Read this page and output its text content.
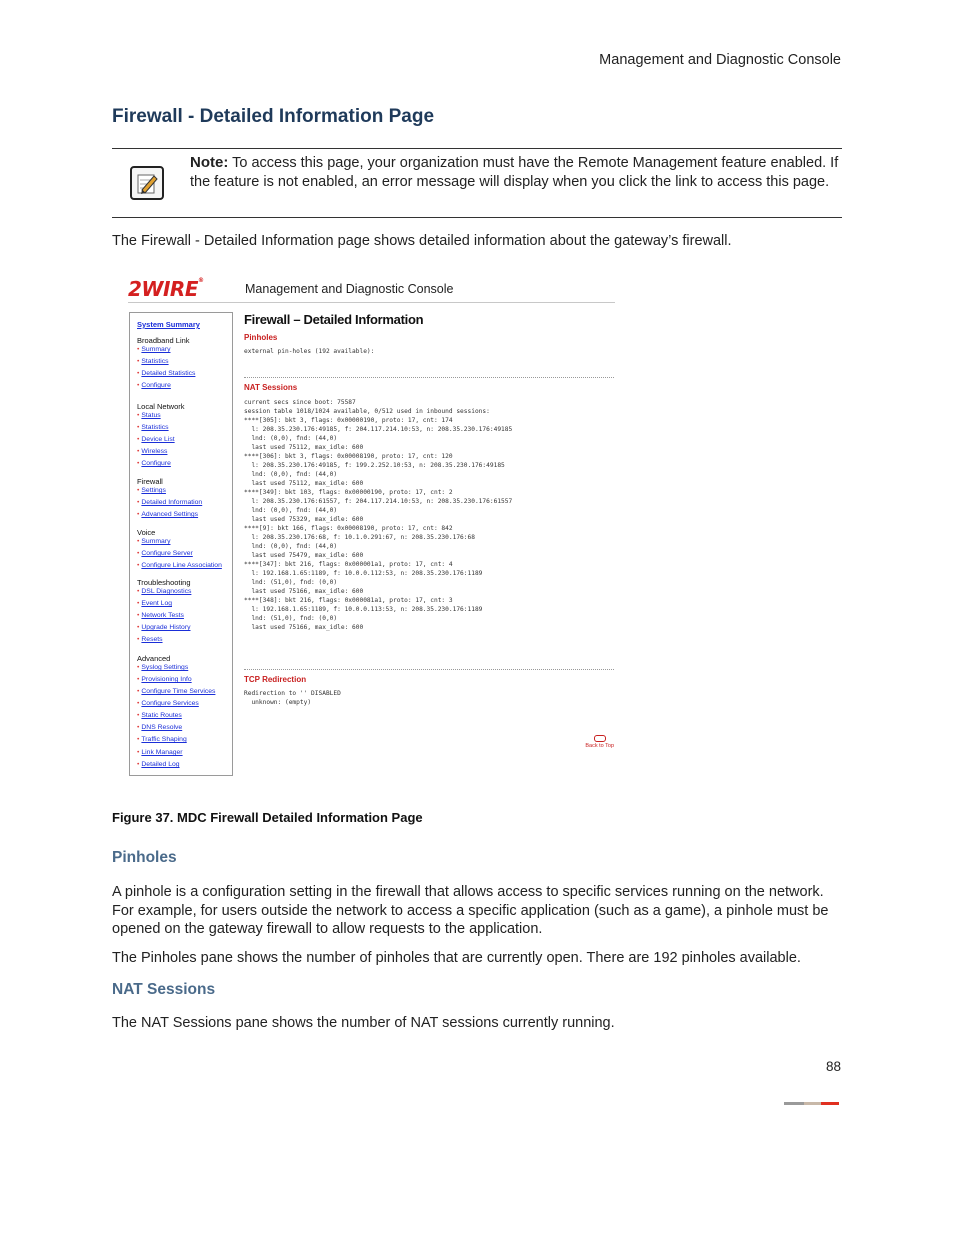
Management and Diagnostic Console
Firewall - Detailed Information Page
Note: To access this page, your organization must have the Remote Management feature enabled. If the feature is not enabled, an error message will display when you click the link to access this page.
The Firewall - Detailed Information page shows detailed information about the gateway’s firewall.
2WIRE®
Management and Diagnostic Console
System Summary
Broadband Link
• Summary
• Statistics
• Detailed Statistics
• Configure
Local Network
• Status
• Statistics
• Device List
• Wireless
• Configure
Firewall
• Settings
• Detailed Information
• Advanced Settings
Voice
• Summary
• Configure Server
• Configure Line Association
Troubleshooting
• DSL Diagnostics
• Event Log
• Network Tests
• Upgrade History
• Resets
Advanced
• Syslog Settings
• Provisioning Info
• Configure Time Services
• Configure Services
• Static Routes
• DNS Resolve
• Traffic Shaping
• Link Manager
• Detailed Log
Firewall – Detailed Information
Pinholes
external pin-holes (192 available):
NAT Sessions
current secs since boot: 75587
session table 1018/1024 available, 0/512 used in inbound sessions:
****[305]: bkt 3, flags: 0x00000190, proto: 17, cnt: 174
l: 208.35.230.176:49185, f: 204.117.214.10:53, n: 208.35.230.176:49185
lnd: (0,0), fnd: (44,0)
last used 75112, max_idle: 600
****[306]: bkt 3, flags: 0x00008190, proto: 17, cnt: 120
l: 208.35.230.176:49185, f: 199.2.252.10:53, n: 208.35.230.176:49185
lnd: (0,0), fnd: (44,0)
last used 75112, max_idle: 600
****[349]: bkt 103, flags: 0x00000190, proto: 17, cnt: 2
l: 208.35.230.176:61557, f: 204.117.214.10:53, n: 208.35.230.176:61557
lnd: (0,0), fnd: (44,0)
last used 75329, max_idle: 600
****[9]: bkt 166, flags: 0x00008190, proto: 17, cnt: 842
l: 208.35.230.176:68, f: 10.1.0.291:67, n: 208.35.230.176:68
lnd: (0,0), fnd: (44,0)
last used 75479, max_idle: 600
****[347]: bkt 216, flags: 0x000001a1, proto: 17, cnt: 4
l: 192.168.1.65:1189, f: 10.0.0.112:53, n: 208.35.230.176:1189
lnd: (51,0), fnd: (0,0)
last used 75166, max_idle: 600
****[348]: bkt 216, flags: 0x000081a1, proto: 17, cnt: 3
l: 192.168.1.65:1189, f: 10.0.0.113:53, n: 208.35.230.176:1189
lnd: (51,0), fnd: (0,0)
last used 75166, max_idle: 600
TCP Redirection
Redirection to '' DISABLED
unknown: (empty)
Back to Top
Figure 37. MDC Firewall Detailed Information Page
Pinholes
A pinhole is a configuration setting in the firewall that allows access to specific services running on the network. For example, for users outside the network to access a specific application (such as a game), a pinhole must be opened on the gateway firewall to allow requests to the application.
The Pinholes pane shows the number of pinholes that are currently open. There are 192 pinholes available.
NAT Sessions
The NAT Sessions pane shows the number of NAT sessions currently running.
88
